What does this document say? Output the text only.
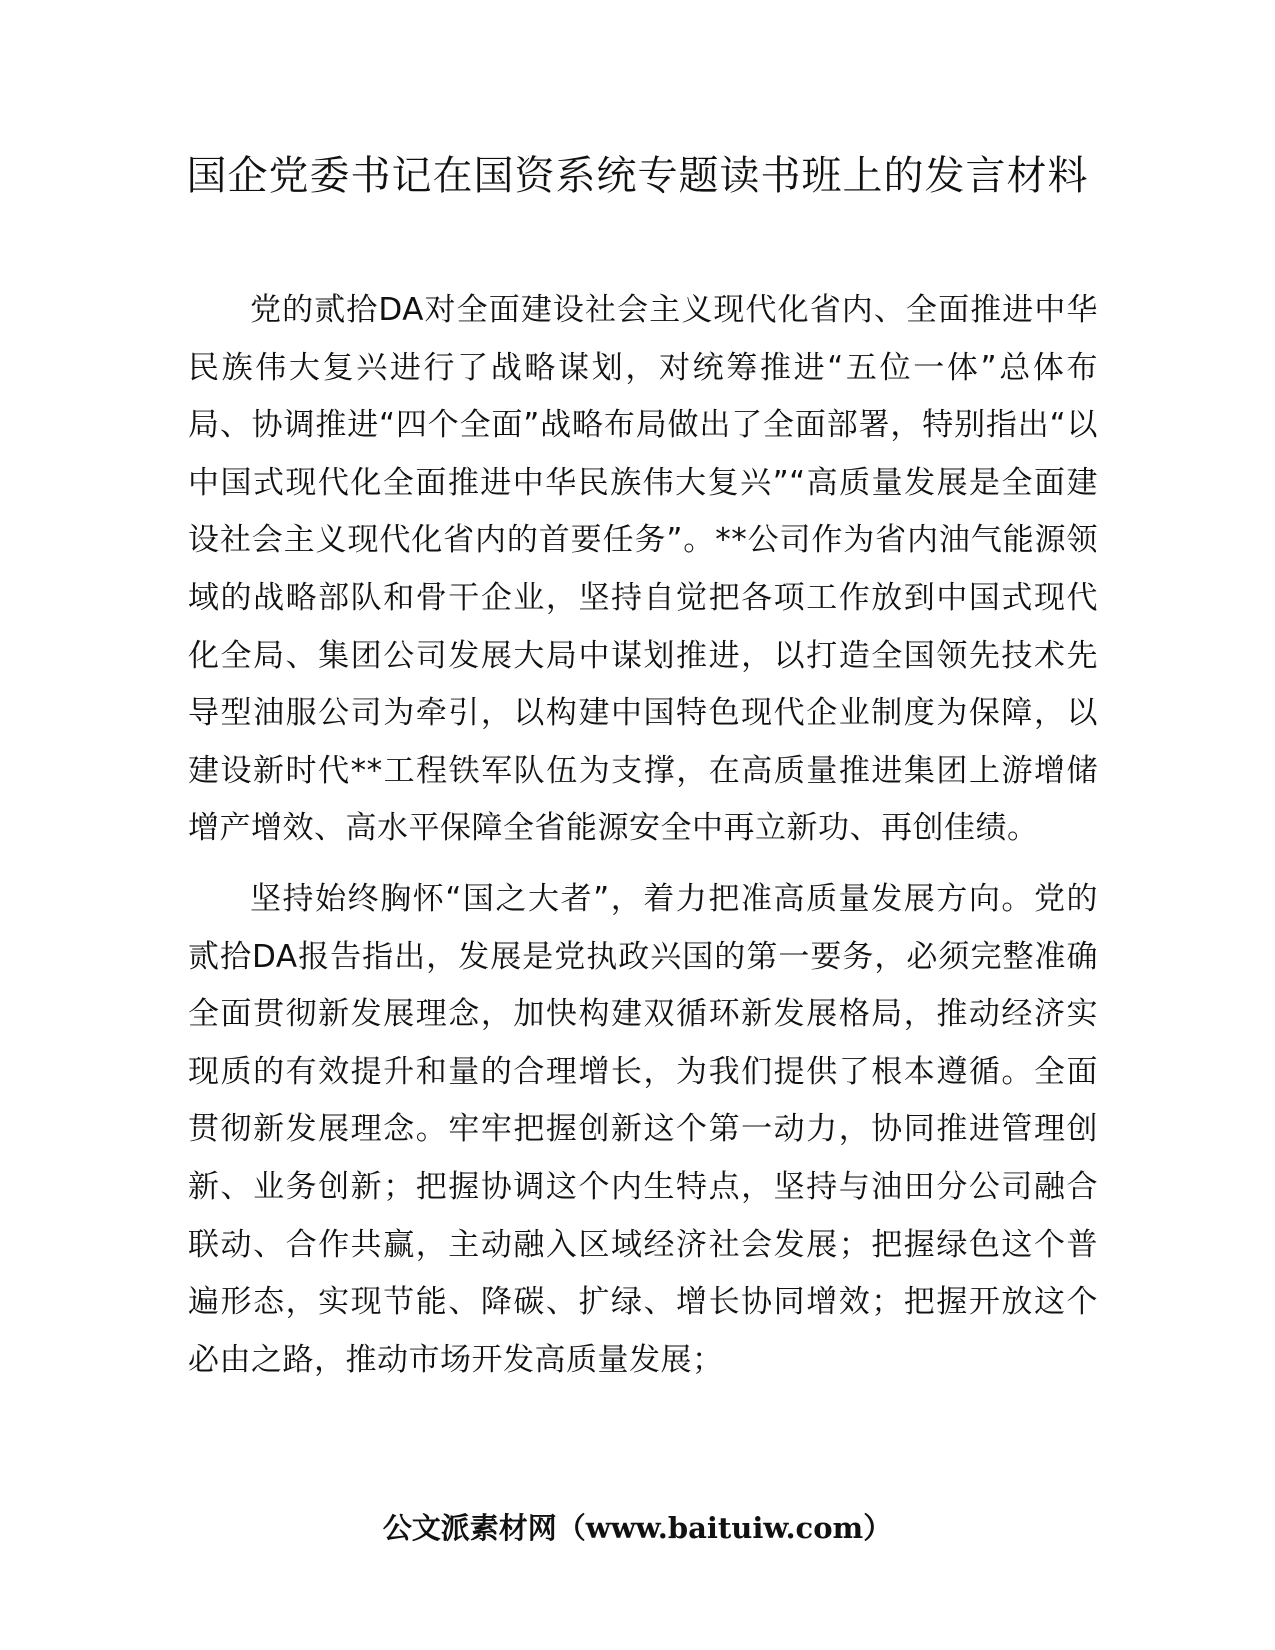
国企党委书记在国资系统专题读书班上的发言材料

党的贰拾DA对全面建设社会主义现代化省内、全面推进中华民族伟大复兴进行了战略谋划，对统筹推进“五位一体”总体布局、协调推进“四个全面”战略布局做出了全面部署，特别指出“以中国式现代化全面推进中华民族伟大复兴”“高质量发展是全面建设社会主义现代化省内的首要任务”。**公司作为省内油气能源领域的战略部队和骨干企业，坚持自觉把各项工作放到中国式现代化全局、集团公司发展大局中谋划推进，以打造全国领先技术先导型油服公司为牵引，以构建中国特色现代企业制度为保障，以建设新时代**工程铁军队伍为支撑，在高质量推进集团上游增储增产增效、高水平保障全省能源安全中再立新功、再创佳绩。

坚持始终胸怀“国之大者”，着力把准高质量发展方向。党的贰拾DA报告指出，发展是党执政兴国的第一要务，必须完整准确全面贯彻新发展理念，加快构建双循环新发展格局，推动经济实现质的有效提升和量的合理增长，为我们提供了根本遵循。全面贯彻新发展理念。牢牢把握创新这个第一动力，协同推进管理创新、业务创新；把握协调这个内生特点，坚持与油田分公司融合联动、合作共赢，主动融入区域经济社会发展；把握绿色这个普遍形态，实现节能、降碳、扩绿、增长协同增效；把握开放这个必由之路，推动市场开发高质量发展；

公文派素材网（www.baituiw.com）
